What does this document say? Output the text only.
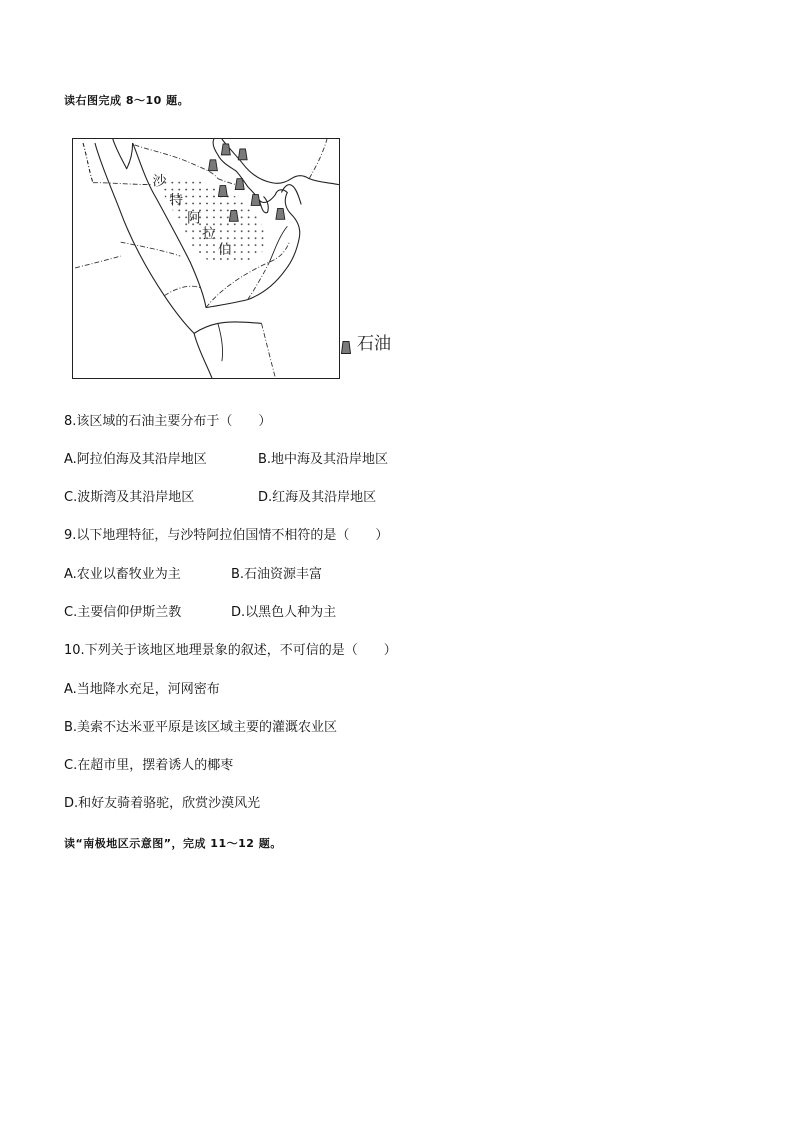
读右图完成 8～10 题。
沙
特
阿
拉
伯
石油
8.该区域的石油主要分布于（　　）
A.阿拉伯海及其沿岸地区	B.地中海及其沿岸地区
C.波斯湾及其沿岸地区	D.红海及其沿岸地区
9.以下地理特征，与沙特阿拉伯国情不相符的是（　　）
A.农业以畜牧业为主	B.石油资源丰富
C.主要信仰伊斯兰教	D.以黑色人种为主
10.下列关于该地区地理景象的叙述，不可信的是（　　）
A.当地降水充足，河网密布
B.美索不达米亚平原是该区域主要的灌溉农业区
C.在超市里，摆着诱人的椰枣
D.和好友骑着骆驼，欣赏沙漠风光
读“南极地区示意图”，完成 11～12 题。
